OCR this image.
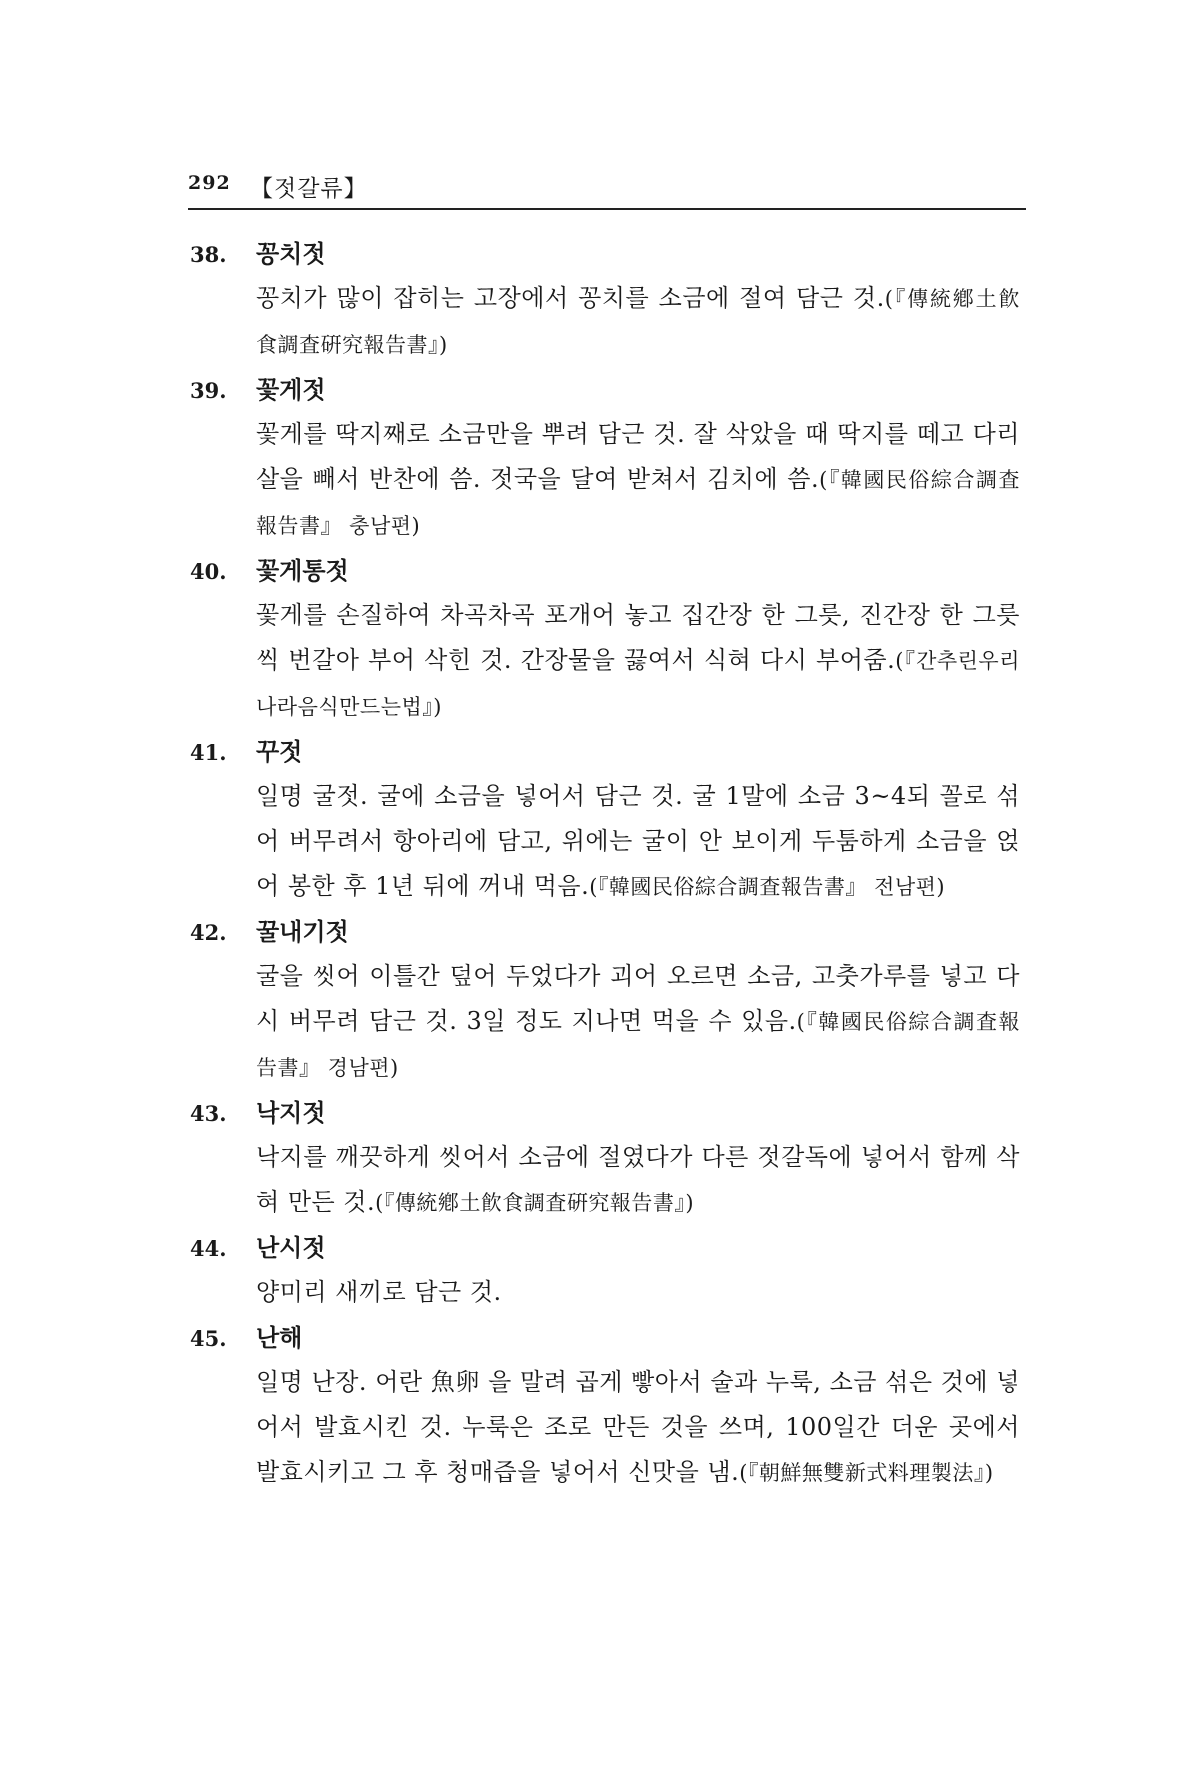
292 【젓갈류】
38. 꽁치젓

꽁치가 많이 잡히는 고장에서 꽁치를 소금에 절여 담근 것.(『傳統鄕土飮食調査硏究報告書』)

39. 꽃게젓

꽃게를 딱지째로 소금만을 뿌려 담근 것. 잘 삭았을 때 딱지를 떼고 다리살을 빼서 반찬에 씀. 젓국을 달여 받쳐서 김치에 씀.(『韓國民俗綜合調査報告書』 충남편)

40. 꽃게통젓

꽃게를 손질하여 차곡차곡 포개어 놓고 집간장 한 그릇, 진간장 한 그릇씩 번갈아 부어 삭힌 것. 간장물을 끓여서 식혀 다시 부어줌.(『간추린우리나라음식만드는법』)

41. 꾸젓

일명 굴젓. 굴에 소금을 넣어서 담근 것. 굴 1말에 소금 3~4되 꼴로 섞어 버무려서 항아리에 담고, 위에는 굴이 안 보이게 두툼하게 소금을 얹어 봉한 후 1년 뒤에 꺼내 먹음.(『韓國民俗綜合調査報告書』 전남편)

42. 꿀내기젓

굴을 씻어 이틀간 덮어 두었다가 괴어 오르면 소금, 고춧가루를 넣고 다시 버무려 담근 것. 3일 정도 지나면 먹을 수 있음.(『韓國民俗綜合調査報告書』 경남편)

43. 낙지젓

낙지를 깨끗하게 씻어서 소금에 절였다가 다른 젓갈독에 넣어서 함께 삭혀 만든 것.(『傳統鄕土飮食調査硏究報告書』)

44. 난시젓

양미리 새끼로 담근 것.

45. 난해

일명 난장. 어란 魚卵 을 말려 곱게 빻아서 술과 누룩, 소금 섞은 것에 넣어서 발효시킨 것. 누룩은 조로 만든 것을 쓰며, 100일간 더운 곳에서 발효시키고 그 후 청매즙을 넣어서 신맛을 냄.(『朝鮮無雙新式料理製法』)
